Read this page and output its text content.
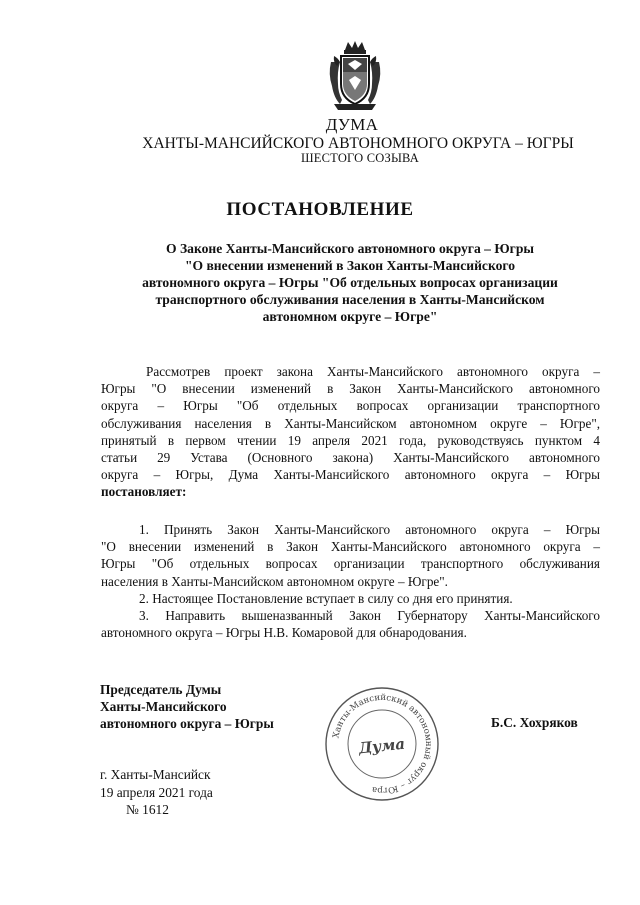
ДУМА
ХАНТЫ-МАНСИЙСКОГО АВТОНОМНОГО ОКРУГА – ЮГРЫ
ШЕСТОГО СОЗЫВА
ПОСТАНОВЛЕНИЕ

О Законе Ханты-Мансийского автономного округа – Югры
"О внесении изменений в Закон Ханты-Мансийского
автономного округа – Югры "Об отдельных вопросах организации
транспортного обслуживания населения в Ханты-Мансийском
автономном округе – Югре"

Рассмотрев проект закона Ханты-Мансийского автономного округа –
Югры "О внесении изменений в Закон Ханты-Мансийского автономного
округа – Югры "Об отдельных вопросах организации транспортного
обслуживания населения в Ханты-Мансийском автономном округе – Югре",
принятый в первом чтении 19 апреля 2021 года, руководствуясь пунктом 4
статьи 29 Устава (Основного закона) Ханты-Мансийского автономного
округа – Югры, Дума Ханты-Мансийского автономного округа – Югры
постановляет:

1. Принять Закон Ханты-Мансийского автономного округа – Югры
"О внесении изменений в Закон Ханты-Мансийского автономного округа –
Югры "Об отдельных вопросах организации транспортного обслуживания
населения в Ханты-Мансийском автономном округе – Югре".
2. Настоящее Постановление вступает в силу со дня его принятия.
3. Направить вышеназванный Закон Губернатору Ханты-Мансийского
автономного округа – Югры Н.В. Комаровой для обнародования.

Председатель Думы
Ханты-Мансийского
автономного округа – Югры

Ханты-Мансийский автономный округ – Югра
Дума
Б.С. Хохряков

г. Ханты-Мансийск
19 апреля 2021 года
№ 1612
